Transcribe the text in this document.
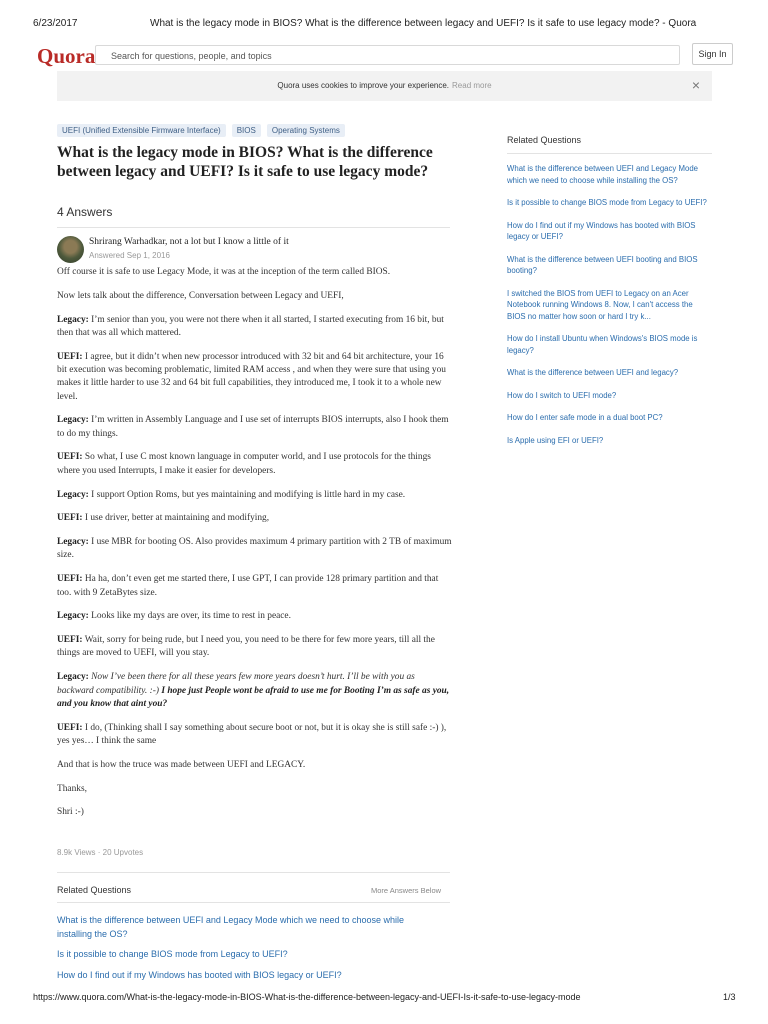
6/23/2017	What is the legacy mode in BIOS? What is the difference between legacy and UEFI? Is it safe to use legacy mode? - Quora
Quora	Search for questions, people, and topics	Sign In
Quora uses cookies to improve your experience. Read more	×
UEFI (Unified Extensible Firmware Interface)	BIOS	Operating Systems
What is the legacy mode in BIOS? What is the difference between legacy and UEFI? Is it safe to use legacy mode?
4 Answers
Shrirang Warhadkar, not a lot but I know a little of it
Answered Sep 1, 2016

Off course it is safe to use Legacy Mode, it was at the inception of the term called BIOS.

Now lets talk about the difference, Conversation between Legacy and UEFI,

Legacy: I’m senior than you, you were not there when it all started, I started executing from 16 bit, but then that was all which mattered.

UEFI: I agree, but it didn’t when new processor introduced with 32 bit and 64 bit architecture, your 16 bit execution was becoming problematic, limited RAM access , and when they were sure that using you makes it little harder to use 32 and 64 bit full capabilities, they introduced me, I took it to a whole new level.

Legacy: I’m written in Assembly Language and I use set of interrupts BIOS interrupts, also I hook them to do my things.

UEFI: So what, I use C most known language in computer world, and I use protocols for the things where you used Interrupts, I make it easier for developers.

Legacy: I support Option Roms, but yes maintaining and modifying is little hard in my case.

UEFI: I use driver, better at maintaining and modifying,

Legacy: I use MBR for booting OS. Also provides maximum 4 primary partition with 2 TB of maximum size.

UEFI: Ha ha, don’t even get me started there, I use GPT, I can provide 128 primary partition and that too. with 9 ZetaBytes size.

Legacy: Looks like my days are over, its time to rest in peace.

UEFI: Wait, sorry for being rude, but I need you, you need to be there for few more years, till all the things are moved to UEFI, will you stay.

Legacy: Now I’ve been there for all these years few more years doesn’t hurt. I’ll be with you as backward compatibility. :-) I hope just People wont be afraid to use me for Booting I’m as safe as you, and you know that aint you?

UEFI: I do, (Thinking shall I say something about secure boot or not, but it is okay she is still safe :-) ), yes yes… I think the same

And that is how the truce was made between UEFI and LEGACY.

Thanks,

Shri :-)

8.9k Views · 20 Upvotes
Related Questions	More Answers Below
What is the difference between UEFI and Legacy Mode which we need to choose while installing the OS?
Is it possible to change BIOS mode from Legacy to UEFI?
How do I find out if my Windows has booted with BIOS legacy or UEFI?
Related Questions
What is the difference between UEFI and Legacy Mode which we need to choose while installing the OS?
Is it possible to change BIOS mode from Legacy to UEFI?
How do I find out if my Windows has booted with BIOS legacy or UEFI?
What is the difference between UEFI booting and BIOS booting?
I switched the BIOS from UEFI to Legacy on an Acer Notebook running Windows 8. Now, I can't access the BIOS no matter how soon or hard I try k...
How do I install Ubuntu when Windows's BIOS mode is legacy?
What is the difference between UEFI and legacy?
How do I switch to UEFI mode?
How do I enter safe mode in a dual boot PC?
Is Apple using EFI or UEFI?
https://www.quora.com/What-is-the-legacy-mode-in-BIOS-What-is-the-difference-between-legacy-and-UEFI-Is-it-safe-to-use-legacy-mode	1/3
